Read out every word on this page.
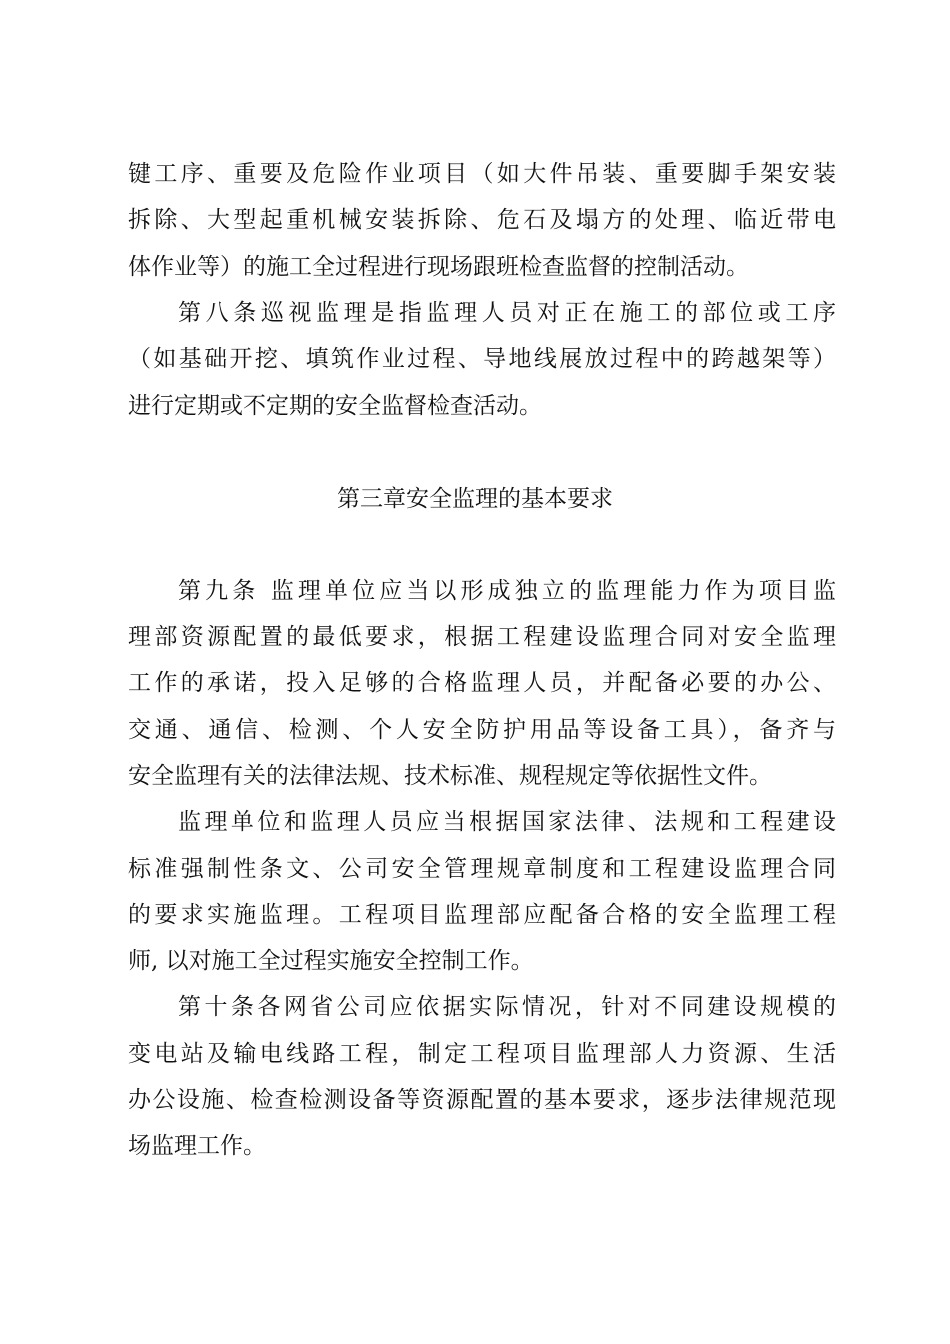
键工序、重要及危险作业项目（如大件吊装、重要脚手架安装
拆除、大型起重机械安装拆除、危石及塌方的处理、临近带电
体作业等）的施工全过程进行现场跟班检查监督的控制活动。
第八条巡视监理是指监理人员对正在施工的部位或工序
（如基础开挖、填筑作业过程、导地线展放过程中的跨越架等）
进行定期或不定期的安全监督检查活动。
第三章安全监理的基本要求
第九条 监理单位应当以形成独立的监理能力作为项目监
理部资源配置的最低要求，根据工程建设监理合同对安全监理
工作的承诺，投入足够的合格监理人员，并配备必要的办公、
交通、通信、检测、个人安全防护用品等设备工具），备齐与
安全监理有关的法律法规、技术标准、规程规定等依据性文件。
监理单位和监理人员应当根据国家法律、法规和工程建设
标准强制性条文、公司安全管理规章制度和工程建设监理合同
的要求实施监理。工程项目监理部应配备合格的安全监理工程
师, 以对施工全过程实施安全控制工作。
第十条各网省公司应依据实际情况，针对不同建设规模的
变电站及输电线路工程，制定工程项目监理部人力资源、生活
办公设施、检查检测设备等资源配置的基本要求，逐步法律规范现
场监理工作。
